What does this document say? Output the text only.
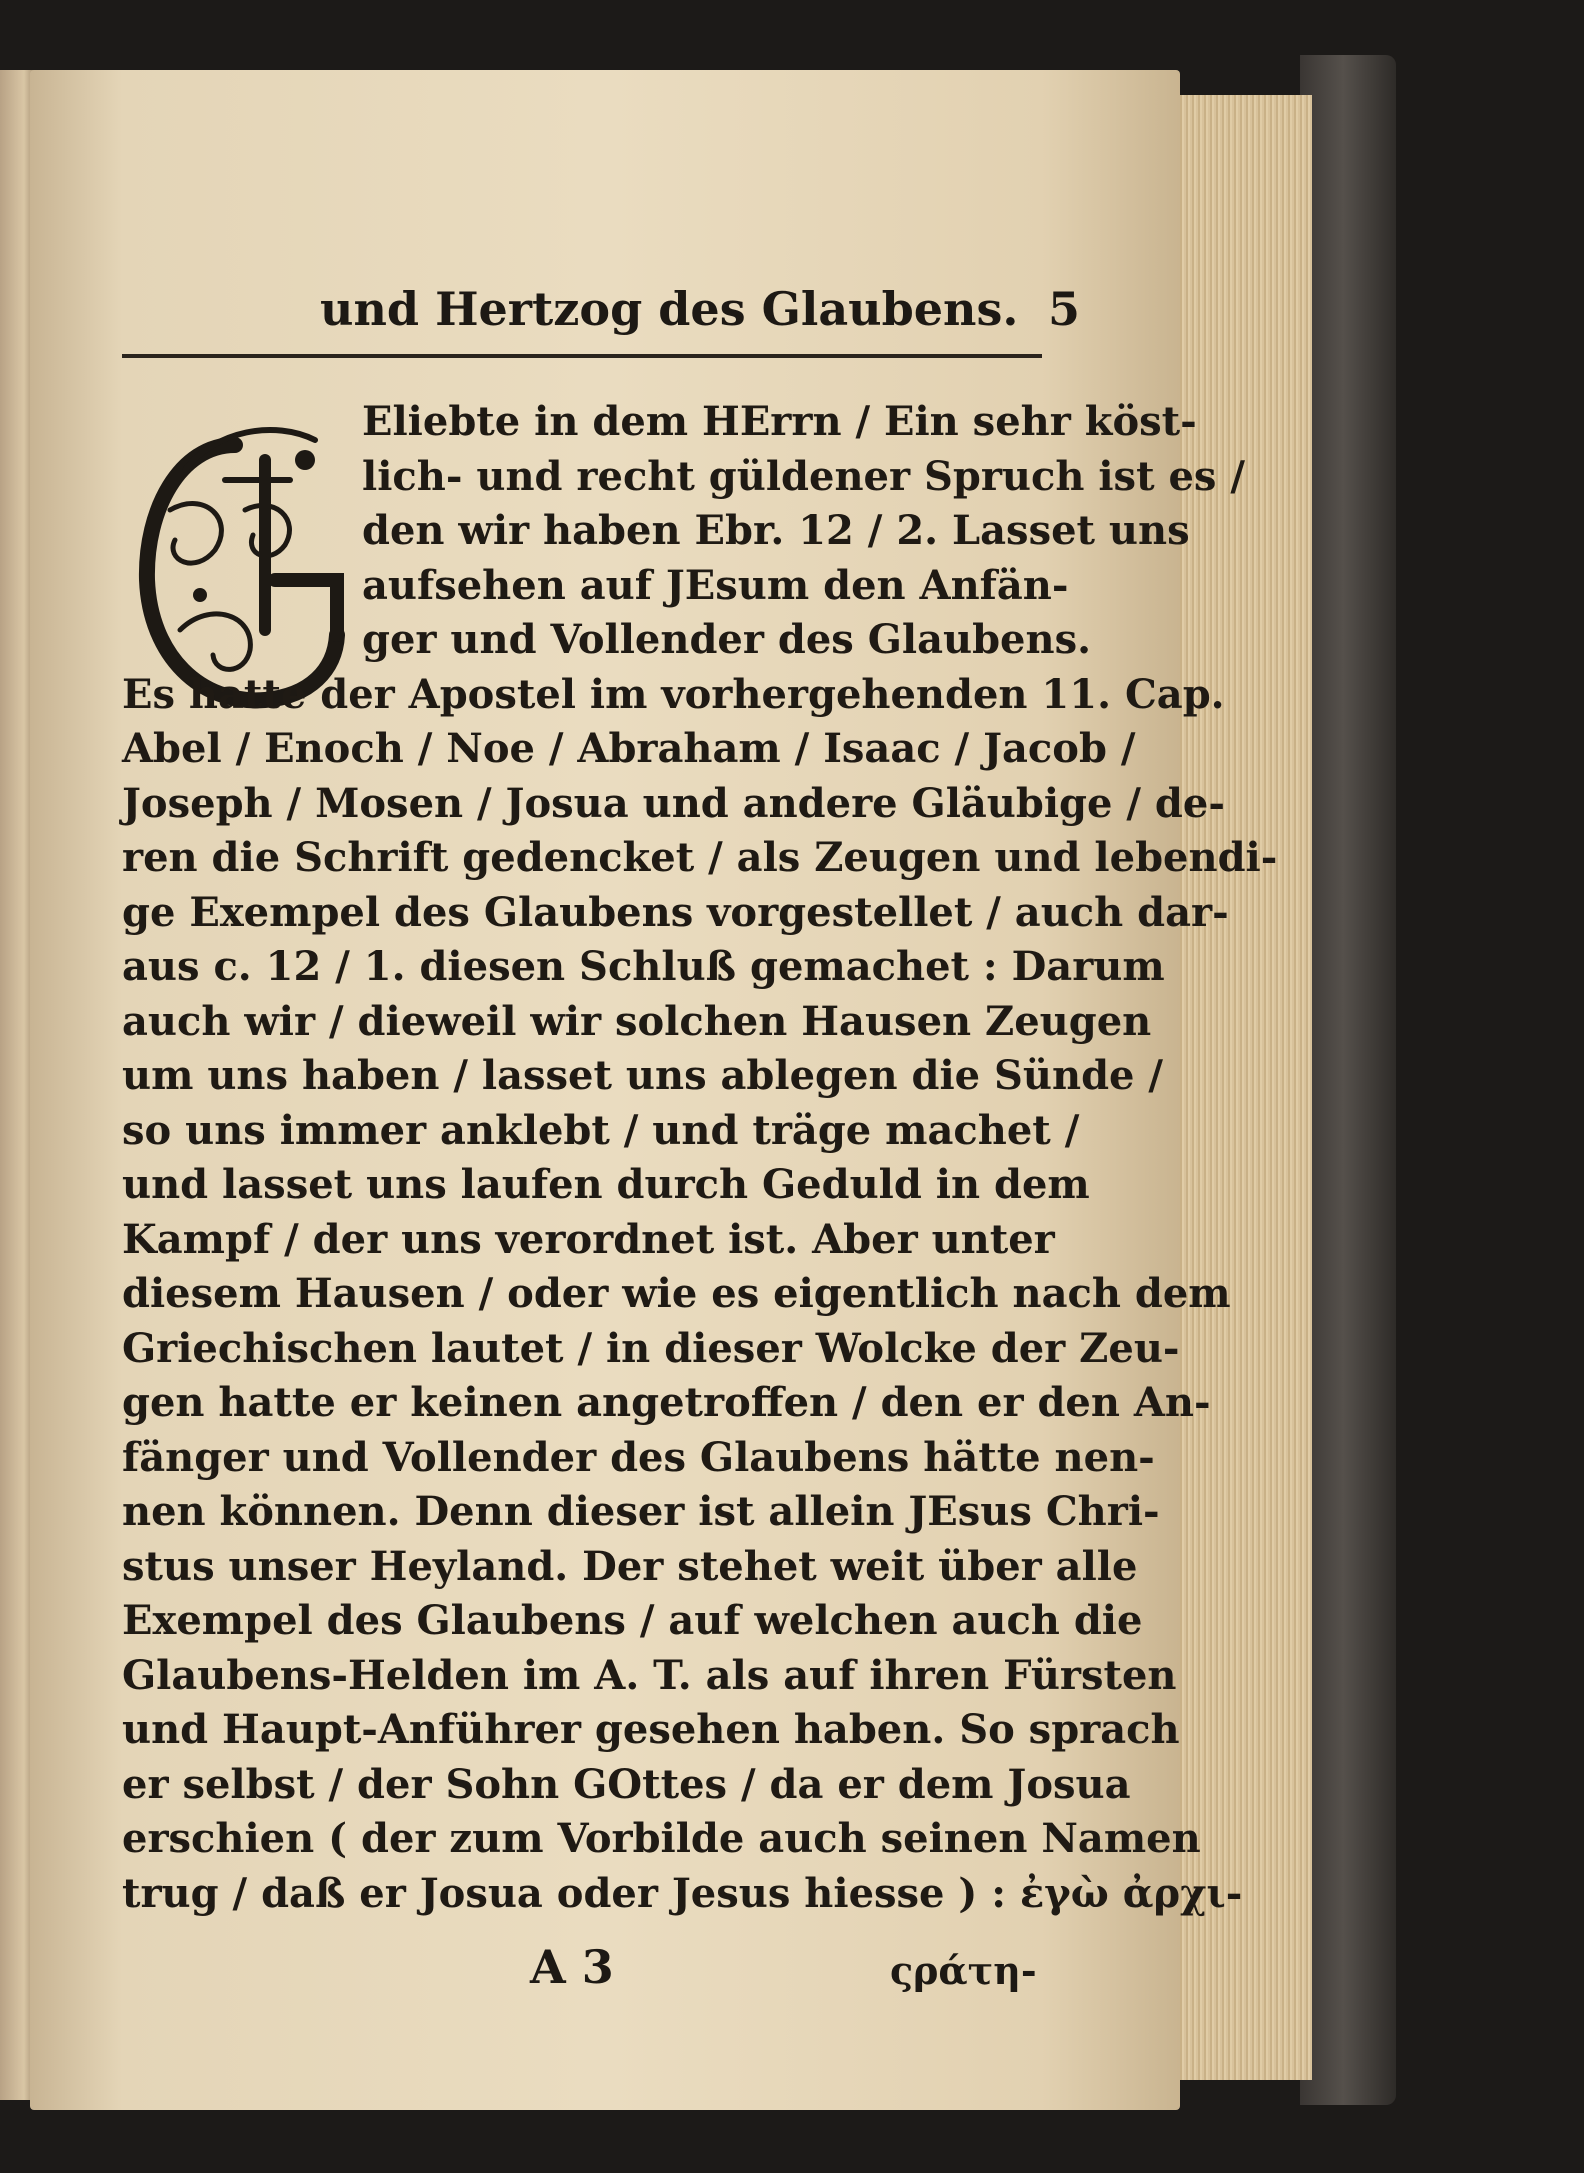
und Hertzog des Glaubens. 5
Eliebte in dem HErrn / Ein sehr köst-
lich- und recht güldener Spruch ist es /
den wir haben Ebr. 12 / 2. Lasset uns
aufsehen auf JEsum den Anfän-
ger und Vollender des Glaubens.
Es hatte der Apostel im vorhergehenden 11. Cap.
Abel / Enoch / Noe / Abraham / Isaac / Jacob /
Joseph / Mosen / Josua und andere Gläubige / de-
ren die Schrift gedencket / als Zeugen und lebendi-
ge Exempel des Glaubens vorgestellet / auch dar-
aus c. 12 / 1. diesen Schluß gemachet : Darum
auch wir / dieweil wir solchen Hausen Zeugen
um uns haben / lasset uns ablegen die Sünde /
so uns immer anklebt / und träge machet /
und lasset uns laufen durch Geduld in dem
Kampf / der uns verordnet ist. Aber unter
diesem Hausen / oder wie es eigentlich nach dem
Griechischen lautet / in dieser Wolcke der Zeu-
gen hatte er keinen angetroffen / den er den An-
fänger und Vollender des Glaubens hätte nen-
nen können. Denn dieser ist allein JEsus Chri-
stus unser Heyland. Der stehet weit über alle
Exempel des Glaubens / auf welchen auch die
Glaubens-Helden im A. T. als auf ihren Fürsten
und Haupt-Anführer gesehen haben. So sprach
er selbst / der Sohn GOttes / da er dem Josua
erschien ( der zum Vorbilde auch seinen Namen
trug / daß er Josua oder Jesus hiesse ) : ἐγὼ ἀρχι-
A 3	ςράτη-
